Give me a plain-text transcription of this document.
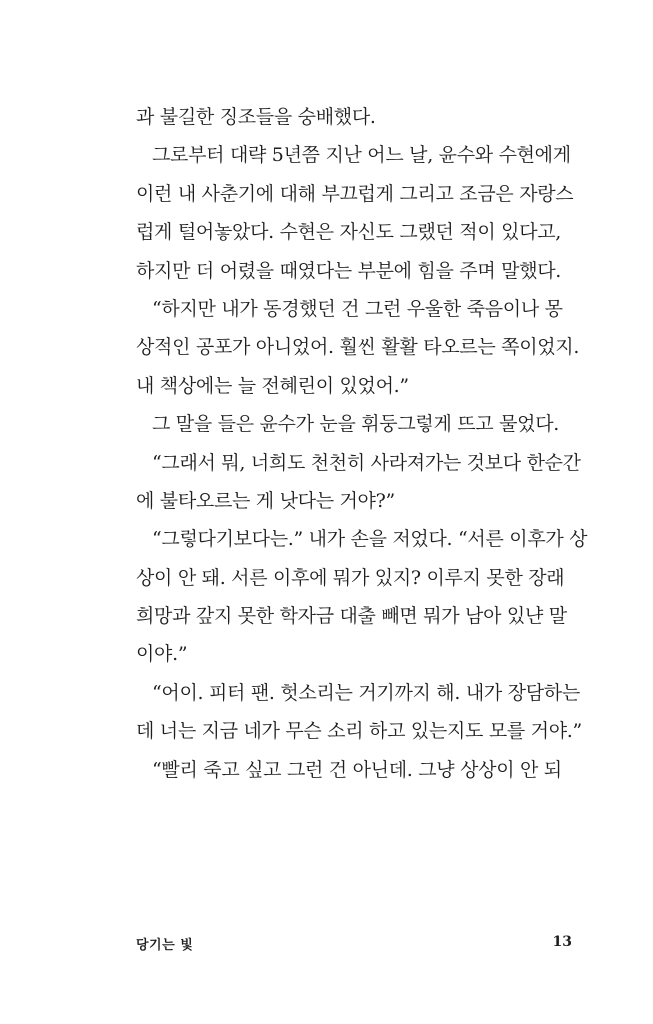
과 불길한 징조들을 숭배했다.
그로부터 대략 5년쯤 지난 어느 날, 윤수와 수현에게
이런 내 사춘기에 대해 부끄럽게 그리고 조금은 자랑스
럽게 털어놓았다. 수현은 자신도 그랬던 적이 있다고,
하지만 더 어렸을 때였다는 부분에 힘을 주며 말했다.
“하지만 내가 동경했던 건 그런 우울한 죽음이나 몽
상적인 공포가 아니었어. 훨씬 활활 타오르는 쪽이었지.
내 책상에는 늘 전혜린이 있었어.”
그 말을 들은 윤수가 눈을 휘둥그렇게 뜨고 물었다.
“그래서 뭐, 너희도 천천히 사라져가는 것보다 한순간
에 불타오르는 게 낫다는 거야?”
“그렇다기보다는.” 내가 손을 저었다. “서른 이후가 상
상이 안 돼. 서른 이후에 뭐가 있지? 이루지 못한 장래
희망과 갚지 못한 학자금 대출 빼면 뭐가 남아 있냔 말
이야.”
“어이. 피터 팬. 헛소리는 거기까지 해. 내가 장담하는
데 너는 지금 네가 무슨 소리 하고 있는지도 모를 거야.”
“빨리 죽고 싶고 그런 건 아닌데. 그냥 상상이 안 되
당기는 빛	13
